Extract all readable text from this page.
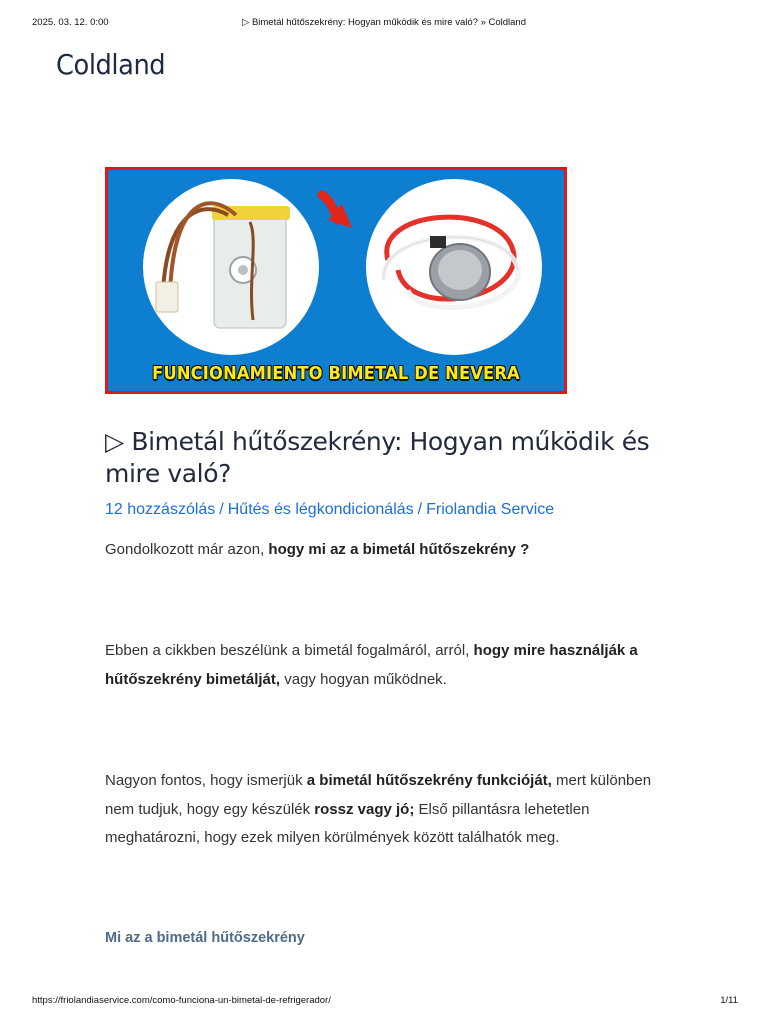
2025. 03. 12. 0:00	▷ Bimetál hűtőszekrény: Hogyan működik és mire való? » Coldland
Coldland
FUNCIONAMIENTO BIMETAL DE NEVERA
▷ Bimetál hűtőszekrény: Hogyan működik és mire való?
12 hozzászólás / Hűtés és légkondicionálás / Friolandia Service

Gondolkozott már azon, hogy mi az a bimetál hűtőszekrény ?

Ebben a cikkben beszélünk a bimetál fogalmáról, arról, hogy mire használják a hűtőszekrény bimetálját, vagy hogyan működnek.

Nagyon fontos, hogy ismerjük a bimetál hűtőszekrény funkcióját, mert különben nem tudjuk, hogy egy készülék rossz vagy jó; Első pillantásra lehetetlen meghatározni, hogy ezek milyen körülmények között találhatók meg.

Mi az a bimetál hűtőszekrény
https://friolandiaservice.com/como-funciona-un-bimetal-de-refrigerador/	1/11
